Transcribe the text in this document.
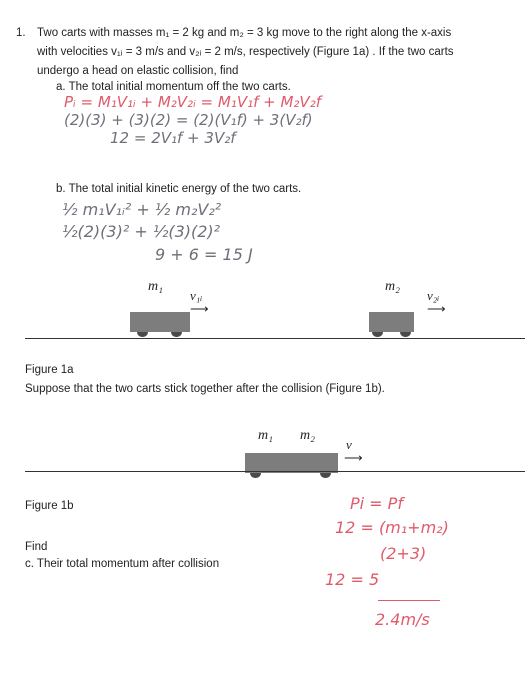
1. Two carts with masses m₁ = 2 kg and m₂ = 3 kg move to the right along the x-axis
with velocities v₁ᵢ = 3 m/s and v₂ᵢ = 2 m/s, respectively (Figure 1a) . If the two carts
undergo a head on elastic collision, find
a. The total initial momentum off the two carts.
Pᵢ = M₁V₁ᵢ + M₂V₂ᵢ = M₁V₁f + M₂V₂f
(2)(3) + (3)(2) = (2)(V₁f) + 3(V₂f)
12 = 2V₁f + 3V₂f
b. The total initial kinetic energy of the two carts.
½ m₁V₁ᵢ² + ½ m₂V₂²
½(2)(3)² + ½(3)(2)²
9 + 6 = 15 J
m₁
v₁ᵢ
⟶
m₂
v₂ᵢ
⟶
Figure 1a
Suppose that the two carts stick together after the collision (Figure 1b).
m₁ m₂
v
⟶
Figure 1b
Find
c. Their total momentum after collision
Pi = Pf
12 = (m₁+m₂)
(2+3)
12 = 5
2.4m/s
